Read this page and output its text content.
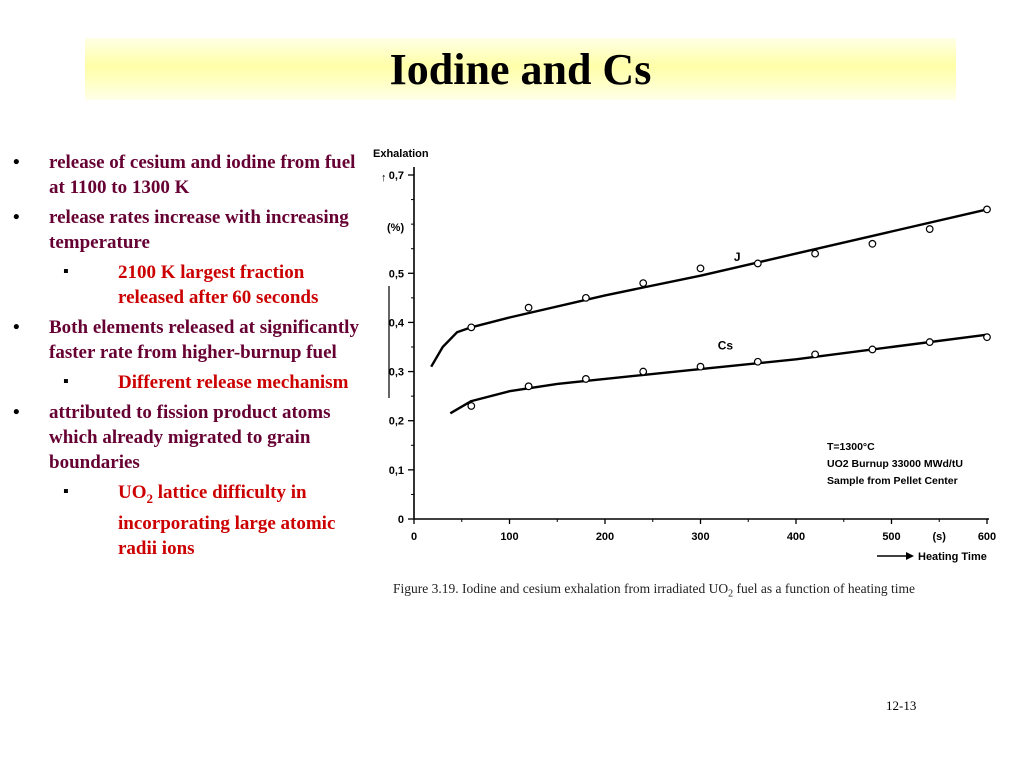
Iodine and Cs
• release of cesium and iodine from fuel at 1100 to 1300 K
• release rates increase with increasing temperature
▪ 2100 K largest fraction released after 60 seconds
• Both elements released at significantly faster rate from higher-burnup fuel
▪ Different release mechanism
• attributed to fission product atoms which already migrated to grain boundaries
▪ $UO_2$ lattice difficulty in incorporating large atomic radii ions
0
0,1
0,2
0,3
0,4
0,5
0,7
0	100	200	300	400	500	600
Exhalation
↑
(%)
(s)
Heating Time
J
Cs
T=1300°C
UO2 Burnup 33000 MWd/tU
Sample from Pellet Center
Figure 3.19. Iodine and cesium exhalation from irradiated $UO_2$ fuel as a function of heating time
12-13
